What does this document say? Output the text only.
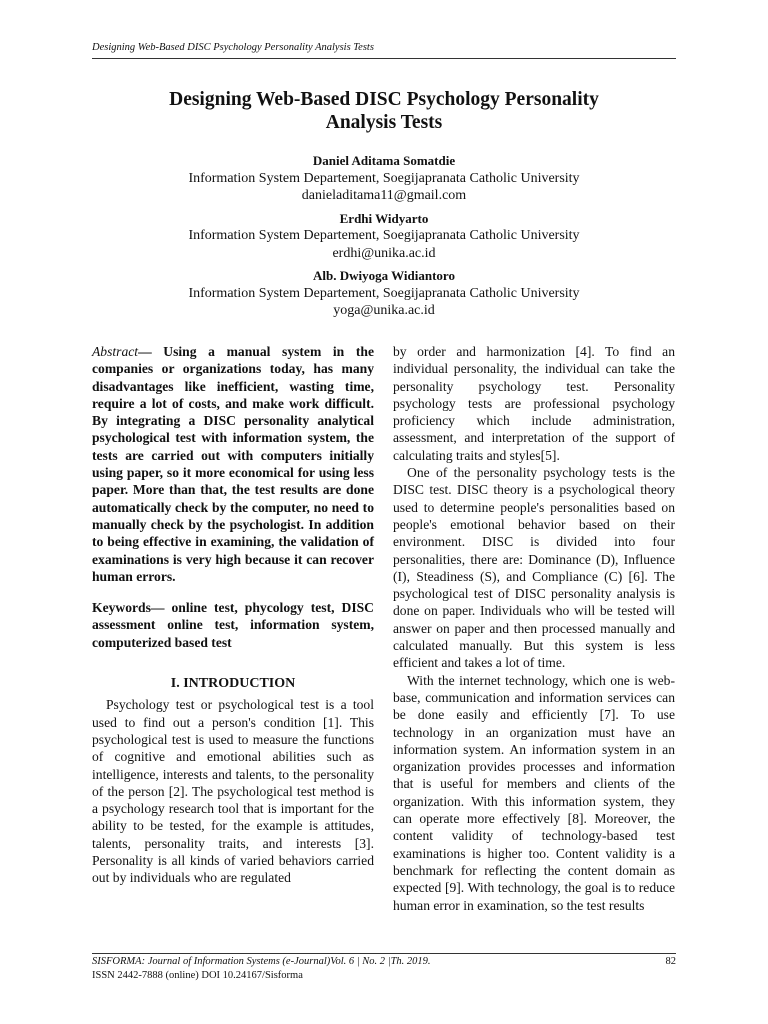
Designing Web-Based DISC Psychology Personality Analysis Tests
Designing Web-Based DISC Psychology Personality
Analysis Tests
Daniel Aditama Somatdie
Information System Departement, Soegijapranata Catholic University
danieladitama11@gmail.com
Erdhi Widyarto
Information System Departement, Soegijapranata Catholic University
erdhi@unika.ac.id
Alb. Dwiyoga Widiantoro
Information System Departement, Soegijapranata Catholic University
yoga@unika.ac.id

Abstract— Using a manual system in the companies or organizations today, has many disadvantages like inefficient, wasting time, require a lot of costs, and make work difficult. By integrating a DISC personality analytical psychological test with information system, the tests are carried out with computers initially using paper, so it more economical for using less paper. More than that, the test results are done automatically check by the computer, no need to manually check by the psychologist. In addition to being effective in examining, the validation of examinations is very high because it can recover human errors.

Keywords— online test, phycology test, DISC assessment online test, information system, computerized based test

I. INTRODUCTION

Psychology test or psychological test is a tool used to find out a person's condition [1]. This psychological test is used to measure the functions of cognitive and emotional abilities such as intelligence, interests and talents, to the personality of the person [2]. The psychological test method is a psychology research tool that is important for the ability to be tested, for the example is attitudes, talents, personality traits, and interests [3]. Personality is all kinds of varied behaviors carried out by individuals who are regulated

by order and harmonization [4]. To find an individual personality, the individual can take the personality psychology test. Personality psychology tests are professional psychology proficiency which include administration, assessment, and interpretation of the support of calculating traits and styles[5].

One of the personality psychology tests is the DISC test. DISC theory is a psychological theory used to determine people's personalities based on people's emotional behavior based on their environment. DISC is divided into four personalities, there are: Dominance (D), Influence (I), Steadiness (S), and Compliance (C) [6]. The psychological test of DISC personality analysis is done on paper. Individuals who will be tested will answer on paper and then processed manually and calculated manually. But this system is less efficient and takes a lot of time.

With the internet technology, which one is web-base, communication and information services can be done easily and efficiently [7]. To use technology in an organization must have an information system. An information system in an organization provides processes and information that is useful for members and clients of the organization. With this information system, they can operate more effectively [8]. Moreover, the content validity of technology-based test examinations is higher too. Content validity is a benchmark for reflecting the content domain as expected [9]. With technology, the goal is to reduce human error in examination, so the test results

SISFORMA: Journal of Information Systems (e-Journal)Vol. 6 | No. 2 |Th. 2019.	82
ISSN 2442-7888 (online) DOI 10.24167/Sisforma
